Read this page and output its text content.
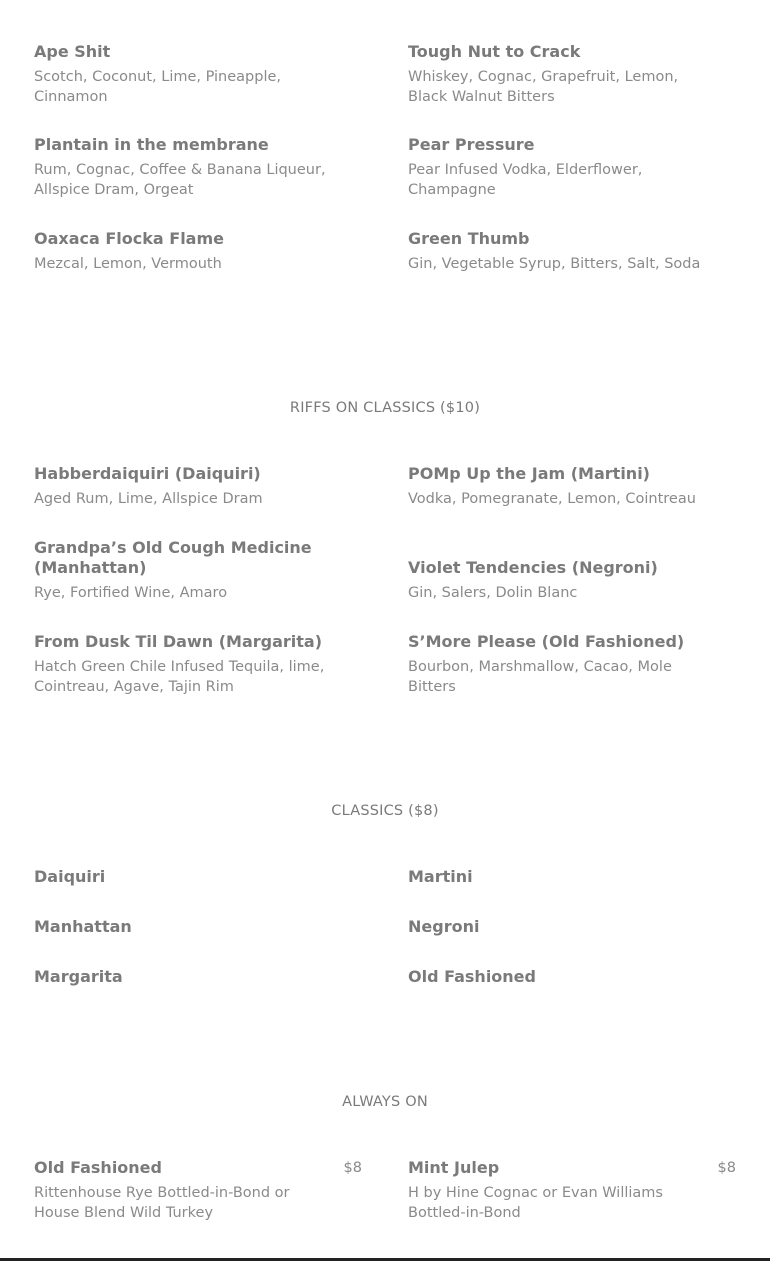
Ape Shit
Scotch, Coconut, Lime, Pineapple, Cinnamon
Tough Nut to Crack
Whiskey, Cognac, Grapefruit, Lemon, Black Walnut Bitters
Plantain in the membrane
Rum, Cognac, Coffee & Banana Liqueur, Allspice Dram, Orgeat
Pear Pressure
Pear Infused Vodka, Elderflower, Champagne
Oaxaca Flocka Flame
Mezcal, Lemon, Vermouth
Green Thumb
Gin, Vegetable Syrup, Bitters, Salt, Soda
RIFFS ON CLASSICS ($10)
Habberdaiquiri (Daiquiri)
Aged Rum, Lime, Allspice Dram
POMp Up the Jam (Martini)
Vodka, Pomegranate, Lemon, Cointreau
Grandpa’s Old Cough Medicine (Manhattan)
Rye, Fortified Wine, Amaro
Violet Tendencies (Negroni)
Gin, Salers, Dolin Blanc
From Dusk Til Dawn (Margarita)
Hatch Green Chile Infused Tequila, lime, Cointreau, Agave, Tajin Rim
S’More Please (Old Fashioned)
Bourbon, Marshmallow, Cacao, Mole Bitters
CLASSICS ($8)
Daiquiri	Martini
Manhattan	Negroni
Margarita	Old Fashioned
ALWAYS ON
Old Fashioned	$8
Rittenhouse Rye Bottled-in-Bond or House Blend Wild Turkey
Mint Julep	$8
H by Hine Cognac or Evan Williams Bottled-in-Bond
